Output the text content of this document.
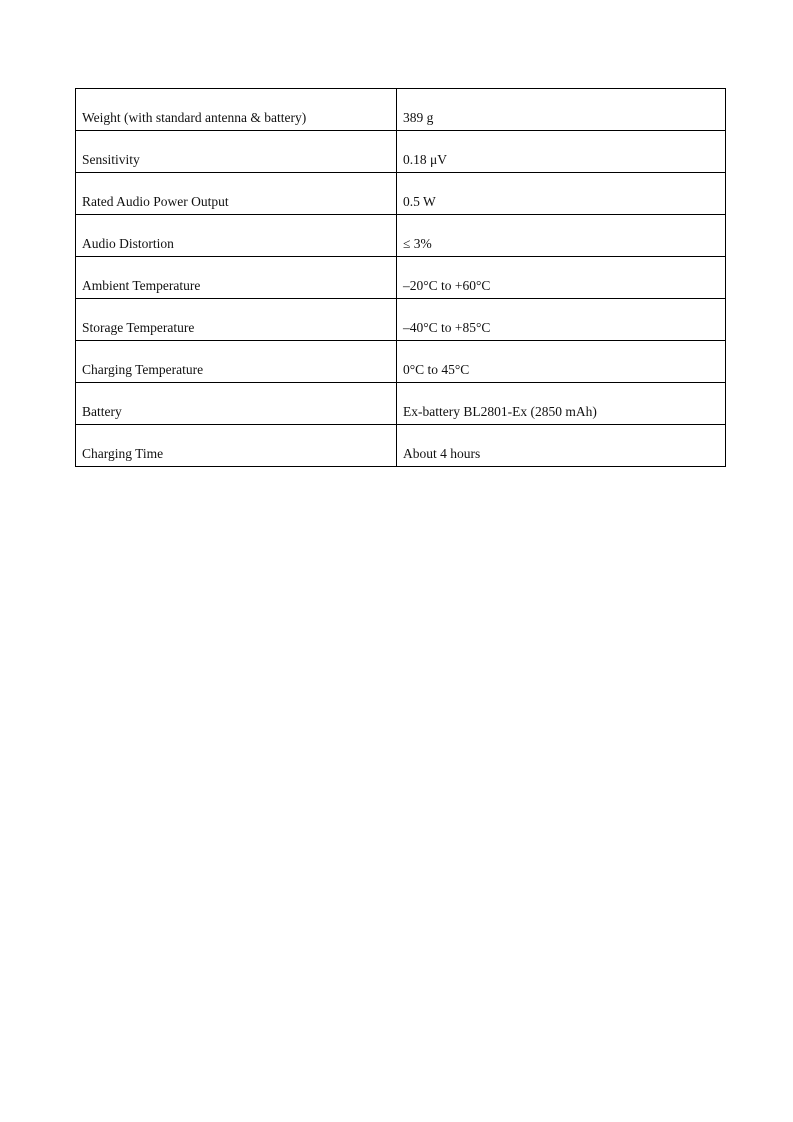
Weight (with standard antenna & battery)	389 g
Sensitivity	0.18 μV
Rated Audio Power Output	0.5 W
Audio Distortion	≤ 3%
Ambient Temperature	–20°C to +60°C
Storage Temperature	–40°C to +85°C
Charging Temperature	0°C to 45°C
Battery	Ex-battery BL2801-Ex (2850 mAh)
Charging Time	About 4 hours
